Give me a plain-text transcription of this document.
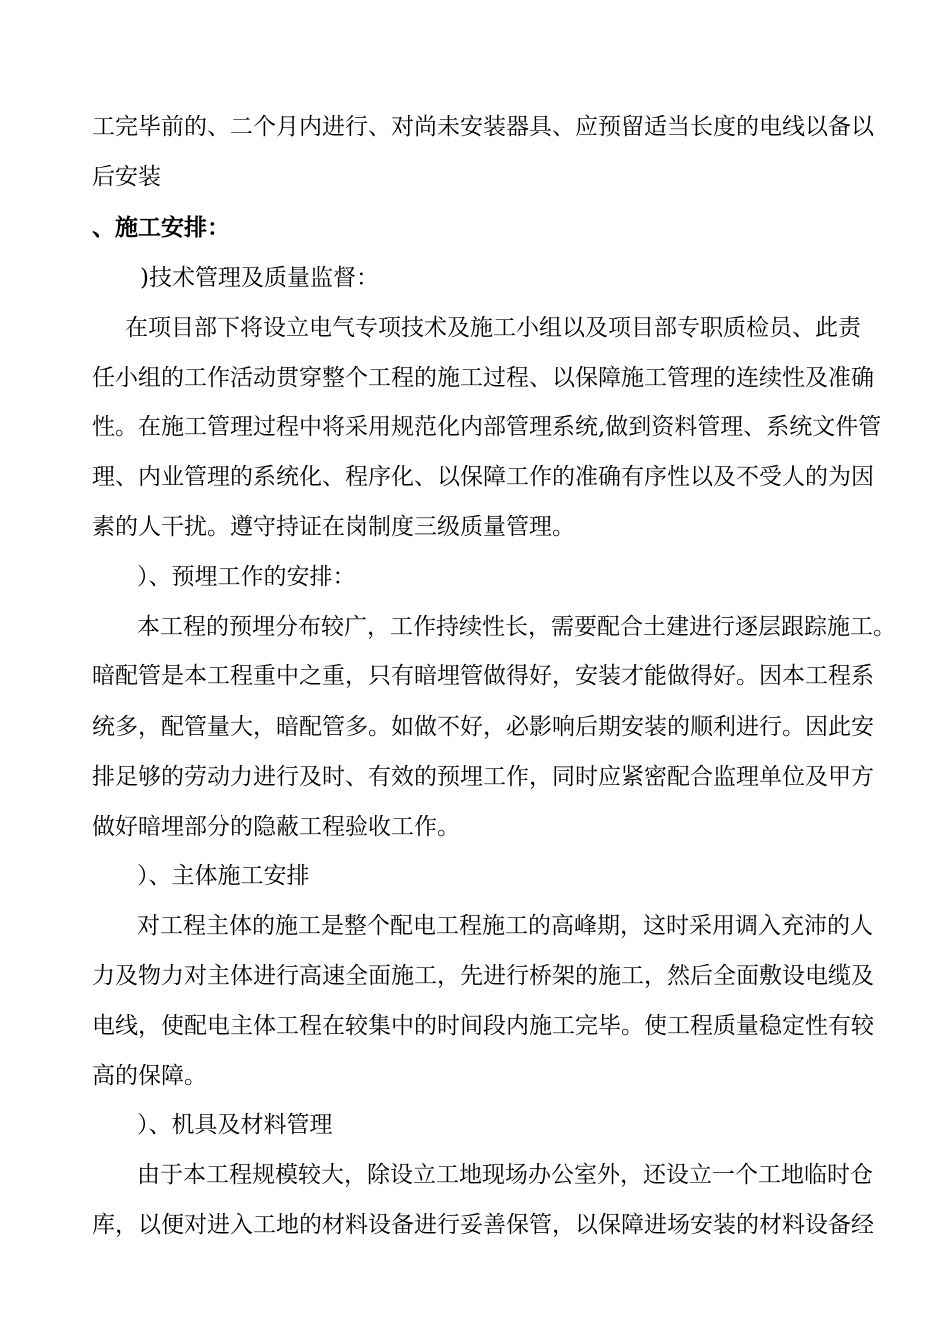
工完毕前的、二个月内进行、对尚未安装器具、应预留适当长度的电线以备以
后安装
、施工安排：
)技术管理及质量监督：
在项目部下将设立电气专项技术及施工小组以及项目部专职质检员、此责
任小组的工作活动贯穿整个工程的施工过程、以保障施工管理的连续性及准确
性。在施工管理过程中将采用规范化内部管理系统,做到资料管理、系统文件管
理、内业管理的系统化、程序化、以保障工作的准确有序性以及不受人的为因
素的人干扰。遵守持证在岗制度三级质量管理。
）、预埋工作的安排：
本工程的预埋分布较广，工作持续性长，需要配合土建进行逐层跟踪施工。
暗配管是本工程重中之重，只有暗埋管做得好，安装才能做得好。因本工程系
统多，配管量大，暗配管多。如做不好，必影响后期安装的顺利进行。因此安
排足够的劳动力进行及时、有效的预埋工作，同时应紧密配合监理单位及甲方
做好暗埋部分的隐蔽工程验收工作。
）、主体施工安排
对工程主体的施工是整个配电工程施工的高峰期，这时采用调入充沛的人
力及物力对主体进行高速全面施工，先进行桥架的施工，然后全面敷设电缆及
电线，使配电主体工程在较集中的时间段内施工完毕。使工程质量稳定性有较
高的保障。
）、机具及材料管理
由于本工程规模较大，除设立工地现场办公室外，还设立一个工地临时仓
库，以便对进入工地的材料设备进行妥善保管，以保障进场安装的材料设备经
